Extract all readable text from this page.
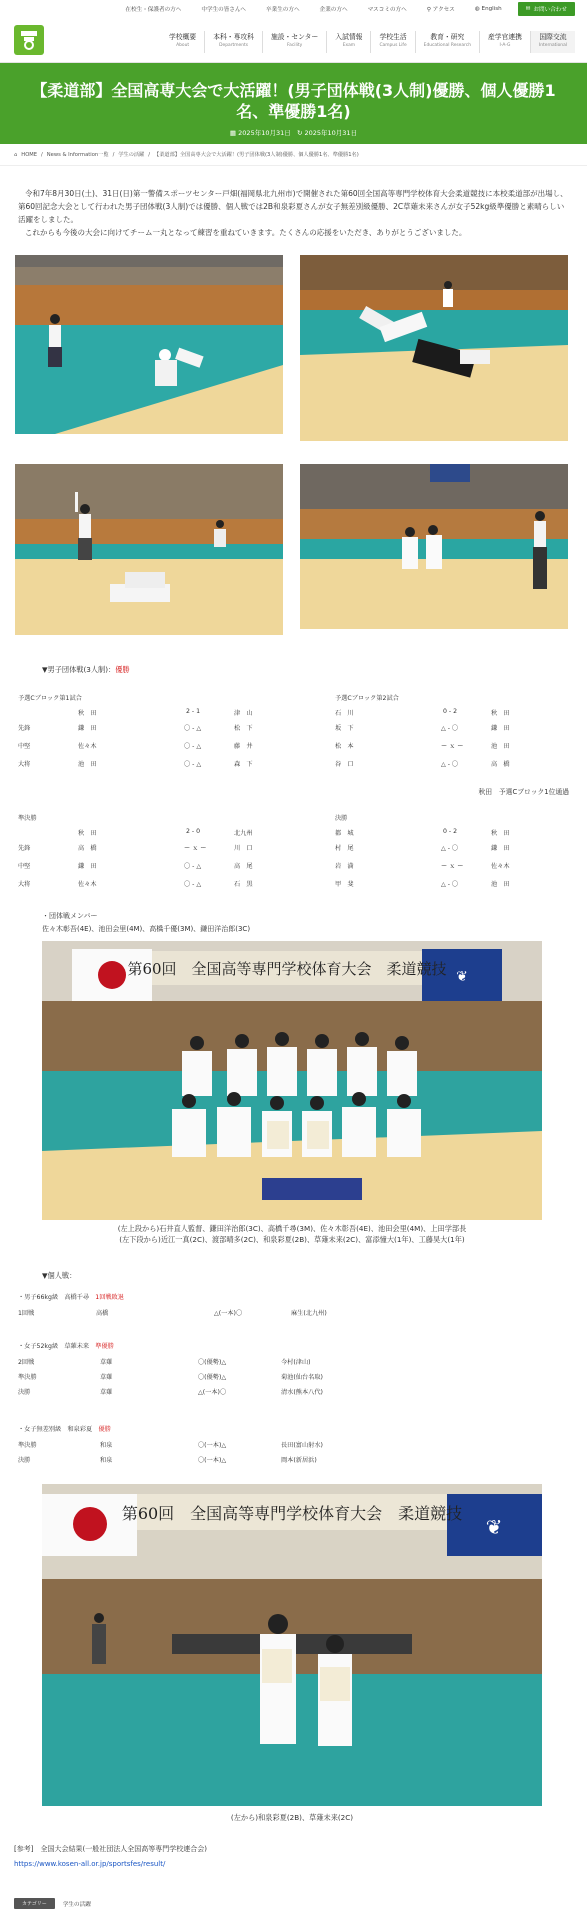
在校生・保護者の方へ	中学生の皆さんへ	卒業生の方へ	企業の方へ	マスコミの方へ	⚲ アクセス	◍ English	✉ お問い合わせ
学校概要
About
本科・専攻科
Departments
施設・センター
Facility
入試情報
Exam
学校生活
Campus Life
教育・研究
Educational Research
産学官連携
I-A-G
国際交流
International
【柔道部】全国高専大会で大活躍！(男子団体戦(3人制)優勝、個人優勝1名、準優勝1名)
▦ 2025年10月31日 ↻ 2025年10月31日
⌂ HOME / News & Information一覧 / 学生の活躍 / 【柔道部】全国高専大会で大活躍！(男子団体戦(3人制)優勝、個人優勝1名、準優勝1名)

令和7年8月30日(土)、31日(日)第一警備スポーツセンター戸畑(福岡県北九州市)で開催された第60回全国高等専門学校体育大会柔道競技に本校柔道部が出場し、第60回記念大会として行われた男子団体戦(3人制)では優勝、個人戦では2B和泉彩夏さんが女子無差別級優勝、2C草薙未来さんが女子52kg級準優勝と素晴らしい活躍をしました。

これからも今後の大会に向けてチーム一丸となって練習を重ねていきます。たくさんの応援をいただき、ありがとうございました。

▼男子団体戦(3人制)：優勝
予選Cブロック第1試合
秋　田	2 - 1	津　山
先鋒	鎌　田	〇 - △	松　下
中堅	佐々木	〇 - △	藤　井
大将	池　田	〇 - △	森　下
予選Cブロック第2試合
石　川	0 - 2	秋　田
坂　下	△ - 〇	鎌　田
松　本	ー ｘ ー	池　田
谷　口	△ - 〇	高　橋
秋田　予選Cブロック1位通過
準決勝
秋　田	2 - 0	北九州
先鋒	高　橋	ー ｘ ー	川　口
中堅	鎌　田	〇 - △	高　尾
大将	佐々木	〇 - △	石　黒
決勝
都　城	0 - 2	秋　田
村　尾	△ - 〇	鎌　田
岩　満	ー ｘ ー	佐々木
甲　斐	△ - 〇	池　田
・団体戦メンバー
佐々木彰吾(4E)、池田会里(4M)、高橋千優(3M)、鎌田洋治郎(3C)
❦
第60回　全国高等専門学校体育大会　柔道競技
(左上段から)石井直人監督、鎌田洋治郎(3C)、高橋千尋(3M)、佐々木彰吾(4E)、池田会里(4M)、上田学部長
(左下段から)近江一真(2C)、渡部晴多(2C)、和泉彩夏(2B)、草薙未来(2C)、富添憧大(1年)、工藤昊大(1年)
▼個人戦：
・男子66kg級　高橋千尋　 1回戦敗退
1回戦	高橋	△(一本)〇	麻生(北九州)
・女子52kg級　草薙未来　 準優勝
2回戦	草薙	〇(優勢)△	今村(津山)
準決勝	草薙	〇(優勢)△	菊池(仙台名取)
決勝	草薙	△(一本)〇	清水(熊本八代)
・女子無差別級　和泉彩夏　 優勝
準決勝	和泉	〇(一本)△	長田(富山射水)
決勝	和泉	〇(一本)△	岡本(新居浜)
❦
第60回　全国高等専門学校体育大会　柔道競技
(左から)和泉彩夏(2B)、草薙未来(2C)
[参考]　全国大会結果(一般社団法人全国高等専門学校連合会)
https://www.kosen-all.or.jp/sportsfes/result/
カテゴリー	学生の活躍
